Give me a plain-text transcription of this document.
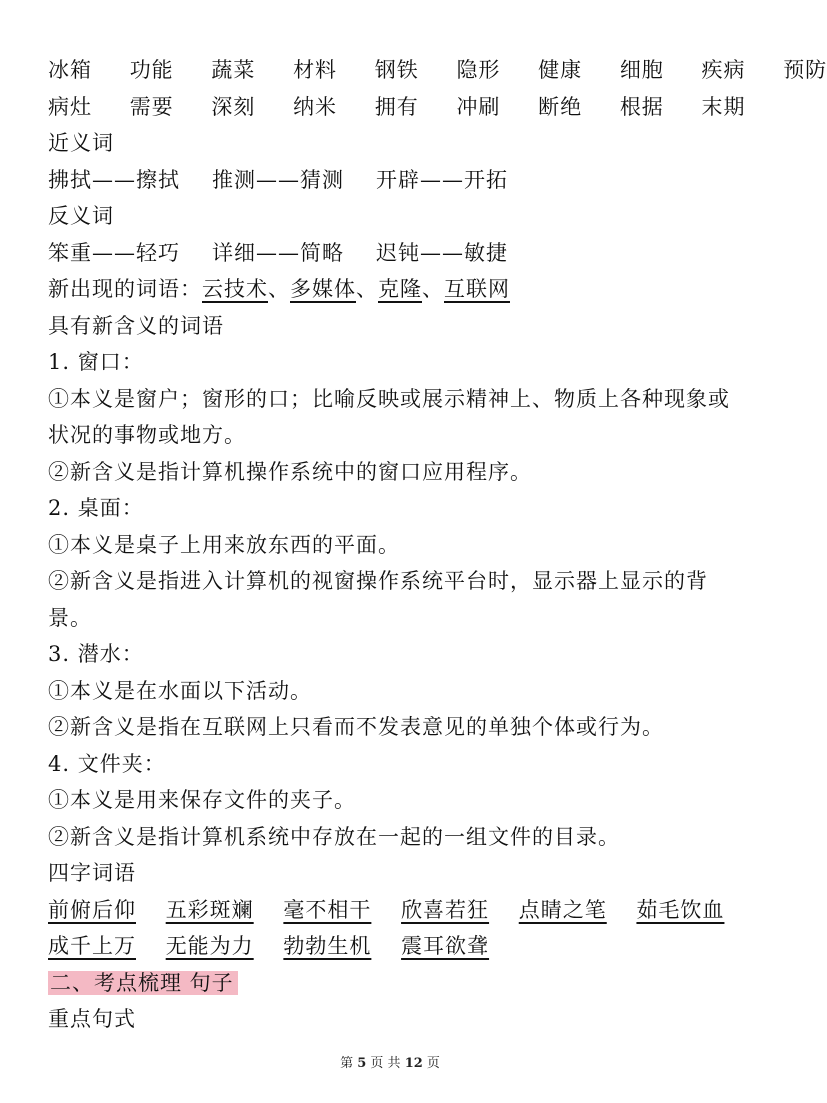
冰箱 功能 蔬菜 材料 钢铁 隐形 健康 细胞 疾病 预防
病灶 需要 深刻 纳米 拥有 冲刷 断绝 根据 末期
近义词
拂拭——擦拭 推测——猜测 开辟——开拓
反义词
笨重——轻巧 详细——简略 迟钝——敏捷
新出现的词语：云技术、多媒体、克隆、互联网
具有新含义的词语
1. 窗口：
①本义是窗户；窗形的口；比喻反映或展示精神上、物质上各种现象或状况的事物或地方。
②新含义是指计算机操作系统中的窗口应用程序。
2. 桌面：
①本义是桌子上用来放东西的平面。
②新含义是指进入计算机的视窗操作系统平台时，显示器上显示的背景。
3. 潜水：
①本义是在水面以下活动。
②新含义是指在互联网上只看而不发表意见的单独个体或行为。
4. 文件夹：
①本义是用来保存文件的夹子。
②新含义是指计算机系统中存放在一起的一组文件的目录。
四字词语
前俯后仰 五彩斑斓 毫不相干 欣喜若狂 点睛之笔 茹毛饮血
成千上万 无能为力 勃勃生机 震耳欲聋
二、考点梳理 句子
重点句式
第 5 页 共 12 页
